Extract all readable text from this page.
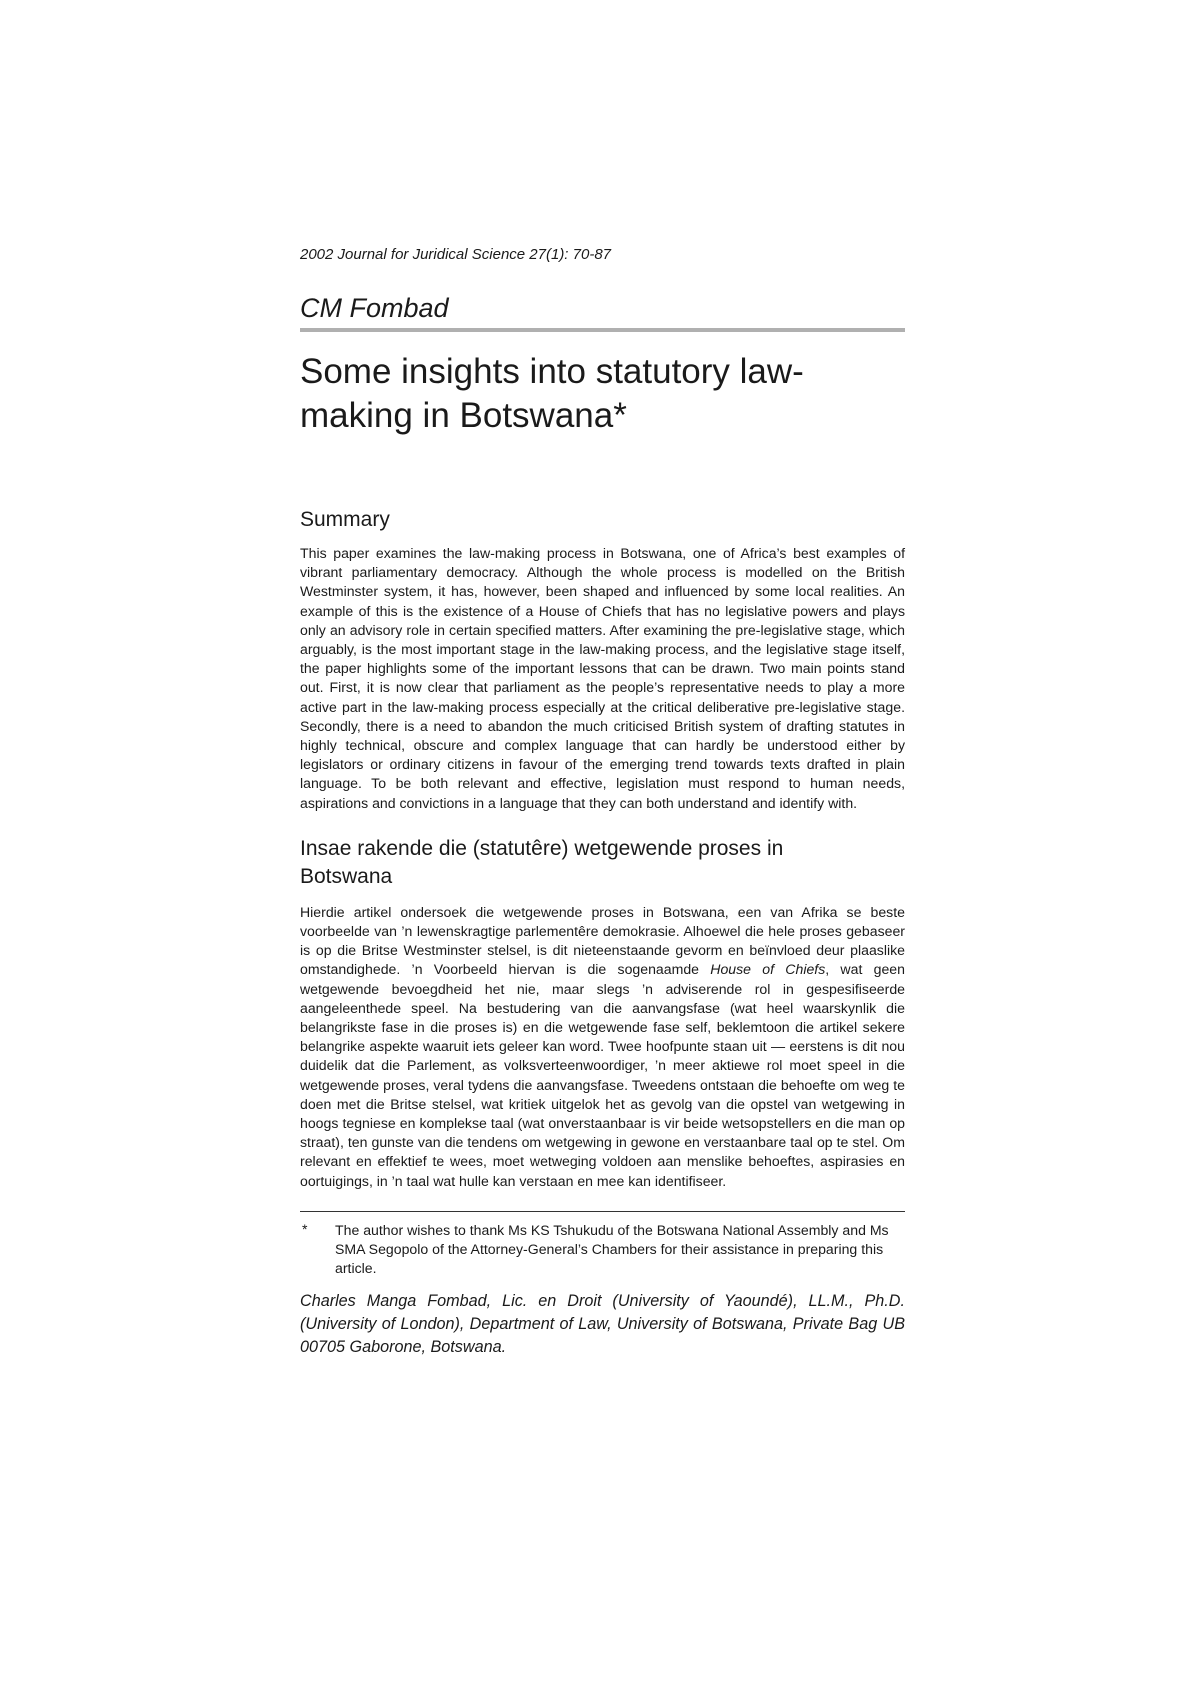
2002 Journal for Juridical Science 27(1): 70-87

CM Fombad
Some insights into statutory law-
making in Botswana*
Summary

This paper examines the law-making process in Botswana, one of Africa’s best examples of vibrant parliamentary democracy. Although the whole process is modelled on the British Westminster system, it has, however, been shaped and influenced by some local realities. An example of this is the existence of a House of Chiefs that has no legislative powers and plays only an advisory role in certain specified matters. After examining the pre-legislative stage, which arguably, is the most important stage in the law-making process, and the legislative stage itself, the paper highlights some of the important lessons that can be drawn. Two main points stand out. First, it is now clear that parliament as the people’s representative needs to play a more active part in the law-making process especially at the critical deliberative pre-legislative stage. Secondly, there is a need to abandon the much criticised British system of drafting statutes in highly technical, obscure and complex language that can hardly be understood either by legislators or ordinary citizens in favour of the emerging trend towards texts drafted in plain language. To be both relevant and effective, legislation must respond to human needs, aspirations and convictions in a language that they can both understand and identify with.

Insae rakende die (statutêre) wetgewende proses in
Botswana

Hierdie artikel ondersoek die wetgewende proses in Botswana, een van Afrika se beste voorbeelde van ’n lewenskragtige parlementêre demokrasie. Alhoewel die hele proses gebaseer is op die Britse Westminster stelsel, is dit nieteenstaande gevorm en beïnvloed deur plaaslike omstandighede. ’n Voorbeeld hiervan is die sogenaamde House of Chiefs, wat geen wetgewende bevoegdheid het nie, maar slegs ’n adviserende rol in gespesifiseerde aangeleenthede speel. Na bestudering van die aanvangsfase (wat heel waarskynlik die belangrikste fase in die proses is) en die wetgewende fase self, beklemtoon die artikel sekere belangrike aspekte waaruit iets geleer kan word. Twee hoofpunte staan uit — eerstens is dit nou duidelik dat die Parlement, as volksverteenwoordiger, ’n meer aktiewe rol moet speel in die wetgewende proses, veral tydens die aanvangsfase. Tweedens ontstaan die behoefte om weg te doen met die Britse stelsel, wat kritiek uitgelok het as gevolg van die opstel van wetgewing in hoogs tegniese en komplekse taal (wat onverstaanbaar is vir beide wetsopstellers en die man op straat), ten gunste van die tendens om wetgewing in gewone en verstaanbare taal op te stel. Om relevant en effektief te wees, moet wetweging voldoen aan menslike behoeftes, aspirasies en oortuigings, in ’n taal wat hulle kan verstaan en mee kan identifiseer.

* The author wishes to thank Ms KS Tshukudu of the Botswana National Assembly and Ms SMA Segopolo of the Attorney-General’s Chambers for their assistance in preparing this article.

Charles Manga Fombad, Lic. en Droit (University of Yaoundé), LL.M., Ph.D. (University of London), Department of Law, University of Botswana, Private Bag UB 00705 Gaborone, Botswana.
